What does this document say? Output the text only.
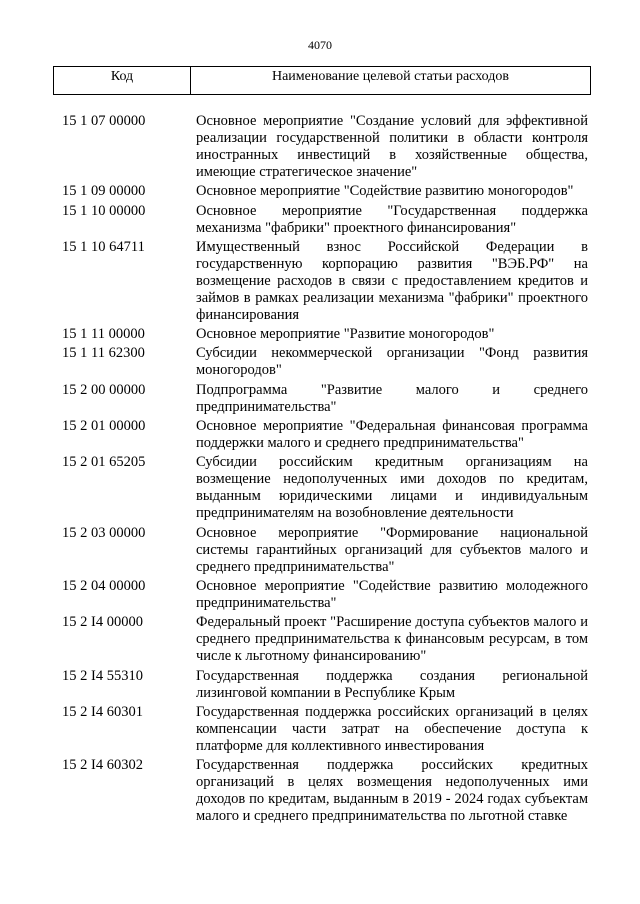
4070
Код	Наименование целевой статьи расходов
15 1 07 00000	Основное мероприятие "Создание условий для эффективной реализации государственной политики в области контроля иностранных инвестиций в хозяйственные общества, имеющие стратегическое значение"
15 1 09 00000	Основное мероприятие "Содействие развитию моногородов"
15 1 10 00000	Основное мероприятие "Государственная поддержка механизма "фабрики" проектного финансирования"
15 1 10 64711	Имущественный взнос Российской Федерации в государственную корпорацию развития "ВЭБ.РФ" на возмещение расходов в связи с предоставлением кредитов и займов в рамках реализации механизма "фабрики" проектного финансирования
15 1 11 00000	Основное мероприятие "Развитие моногородов"
15 1 11 62300	Субсидии некоммерческой организации "Фонд развития моногородов"
15 2 00 00000	Подпрограмма "Развитие малого и среднего предпринимательства"
15 2 01 00000	Основное мероприятие "Федеральная финансовая программа поддержки малого и среднего предпринимательства"
15 2 01 65205	Субсидии российским кредитным организациям на возмещение недополученных ими доходов по кредитам, выданным юридическими лицами и индивидуальным предпринимателям на возобновление деятельности
15 2 03 00000	Основное мероприятие "Формирование национальной системы гарантийных организаций для субъектов малого и среднего предпринимательства"
15 2 04 00000	Основное мероприятие "Содействие развитию молодежного предпринимательства"
15 2 I4 00000	Федеральный проект "Расширение доступа субъектов малого и среднего предпринимательства к финансовым ресурсам, в том числе к льготному финансированию"
15 2 I4 55310	Государственная поддержка создания региональной лизинговой компании в Республике Крым
15 2 I4 60301	Государственная поддержка российских организаций в целях компенсации части затрат на обеспечение доступа к платформе для коллективного инвестирования
15 2 I4 60302	Государственная поддержка российских кредитных организаций в целях возмещения недополученных ими доходов по кредитам, выданным в 2019 - 2024 годах субъектам малого и среднего предпринимательства по льготной ставке
